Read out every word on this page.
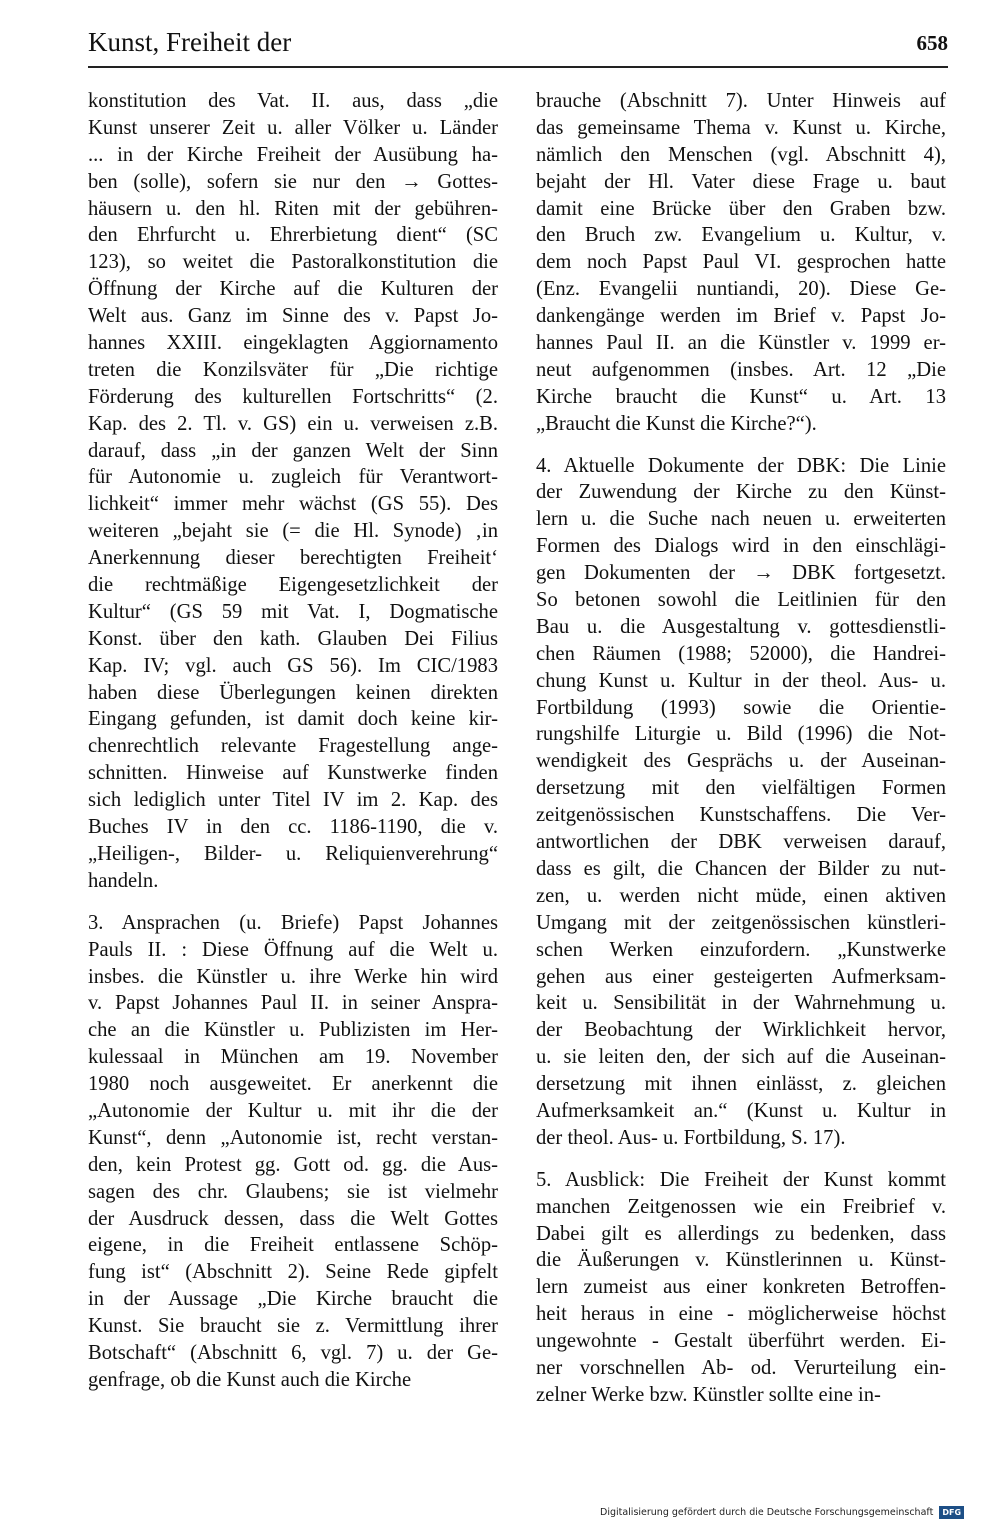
Kunst, Freiheit der	658
konstitution des Vat. II. aus, dass „die
Kunst unserer Zeit u. aller Völker u. Länder
... in der Kirche Freiheit der Ausübung ha-
ben (solle), sofern sie nur den → Gottes-
häusern u. den hl. Riten mit der gebühren-
den Ehrfurcht u. Ehrerbietung dient“ (SC
123), so weitet die Pastoralkonstitution die
Öffnung der Kirche auf die Kulturen der
Welt aus. Ganz im Sinne des v. Papst Jo-
hannes XXIII. eingeklagten Aggiornamento
treten die Konzilsväter für „Die richtige
Förderung des kulturellen Fortschritts“ (2.
Kap. des 2. Tl. v. GS) ein u. verweisen z.B.
darauf, dass „in der ganzen Welt der Sinn
für Autonomie u. zugleich für Verantwort-
lichkeit“ immer mehr wächst (GS 55). Des
weiteren „bejaht sie (= die Hl. Synode) ‚in
Anerkennung dieser berechtigten Freiheit‘
die rechtmäßige Eigengesetzlichkeit der
Kultur“ (GS 59 mit Vat. I, Dogmatische
Konst. über den kath. Glauben Dei Filius
Kap. IV; vgl. auch GS 56). Im CIC/1983
haben diese Überlegungen keinen direkten
Eingang gefunden, ist damit doch keine kir-
chenrechtlich relevante Fragestellung ange-
schnitten. Hinweise auf Kunstwerke finden
sich lediglich unter Titel IV im 2. Kap. des
Buches IV in den cc. 1186-1190, die v.
„Heiligen-, Bilder- u. Reliquienverehrung“
handeln.
3. Ansprachen (u. Briefe) Papst Johannes
Pauls II. : Diese Öffnung auf die Welt u.
insbes. die Künstler u. ihre Werke hin wird
v. Papst Johannes Paul II. in seiner Anspra-
che an die Künstler u. Publizisten im Her-
kulessaal in München am 19. November
1980 noch ausgeweitet. Er anerkennt die
„Autonomie der Kultur u. mit ihr die der
Kunst“, denn „Autonomie ist, recht verstan-
den, kein Protest gg. Gott od. gg. die Aus-
sagen des chr. Glaubens; sie ist vielmehr
der Ausdruck dessen, dass die Welt Gottes
eigene, in die Freiheit entlassene Schöp-
fung ist“ (Abschnitt 2). Seine Rede gipfelt
in der Aussage „Die Kirche braucht die
Kunst. Sie braucht sie z. Vermittlung ihrer
Botschaft“ (Abschnitt 6, vgl. 7) u. der Ge-
genfrage, ob die Kunst auch die Kirche
brauche (Abschnitt 7). Unter Hinweis auf
das gemeinsame Thema v. Kunst u. Kirche,
nämlich den Menschen (vgl. Abschnitt 4),
bejaht der Hl. Vater diese Frage u. baut
damit eine Brücke über den Graben bzw.
den Bruch zw. Evangelium u. Kultur, v.
dem noch Papst Paul VI. gesprochen hatte
(Enz. Evangelii nuntiandi, 20). Diese Ge-
dankengänge werden im Brief v. Papst Jo-
hannes Paul II. an die Künstler v. 1999 er-
neut aufgenommen (insbes. Art. 12 „Die
Kirche braucht die Kunst“ u. Art. 13
„Braucht die Kunst die Kirche?“).
4. Aktuelle Dokumente der DBK: Die Linie
der Zuwendung der Kirche zu den Künst-
lern u. die Suche nach neuen u. erweiterten
Formen des Dialogs wird in den einschlägi-
gen Dokumenten der → DBK fortgesetzt.
So betonen sowohl die Leitlinien für den
Bau u. die Ausgestaltung v. gottesdienstli-
chen Räumen (1988; 52000), die Handrei-
chung Kunst u. Kultur in der theol. Aus- u.
Fortbildung (1993) sowie die Orientie-
rungshilfe Liturgie u. Bild (1996) die Not-
wendigkeit des Gesprächs u. der Auseinan-
dersetzung mit den vielfältigen Formen
zeitgenössischen Kunstschaffens. Die Ver-
antwortlichen der DBK verweisen darauf,
dass es gilt, die Chancen der Bilder zu nut-
zen, u. werden nicht müde, einen aktiven
Umgang mit der zeitgenössischen künstleri-
schen Werken einzufordern. „Kunstwerke
gehen aus einer gesteigerten Aufmerksam-
keit u. Sensibilität in der Wahrnehmung u.
der Beobachtung der Wirklichkeit hervor,
u. sie leiten den, der sich auf die Auseinan-
dersetzung mit ihnen einlässt, z. gleichen
Aufmerksamkeit an.“ (Kunst u. Kultur in
der theol. Aus- u. Fortbildung, S. 17).
5. Ausblick: Die Freiheit der Kunst kommt
manchen Zeitgenossen wie ein Freibrief v.
Dabei gilt es allerdings zu bedenken, dass
die Äußerungen v. Künstlerinnen u. Künst-
lern zumeist aus einer konkreten Betroffen-
heit heraus in eine - möglicherweise höchst
ungewohnte - Gestalt überführt werden. Ei-
ner vorschnellen Ab- od. Verurteilung ein-
zelner Werke bzw. Künstler sollte eine in-
Digitalisierung gefördert durch die Deutsche Forschungsgemeinschaft DFG
